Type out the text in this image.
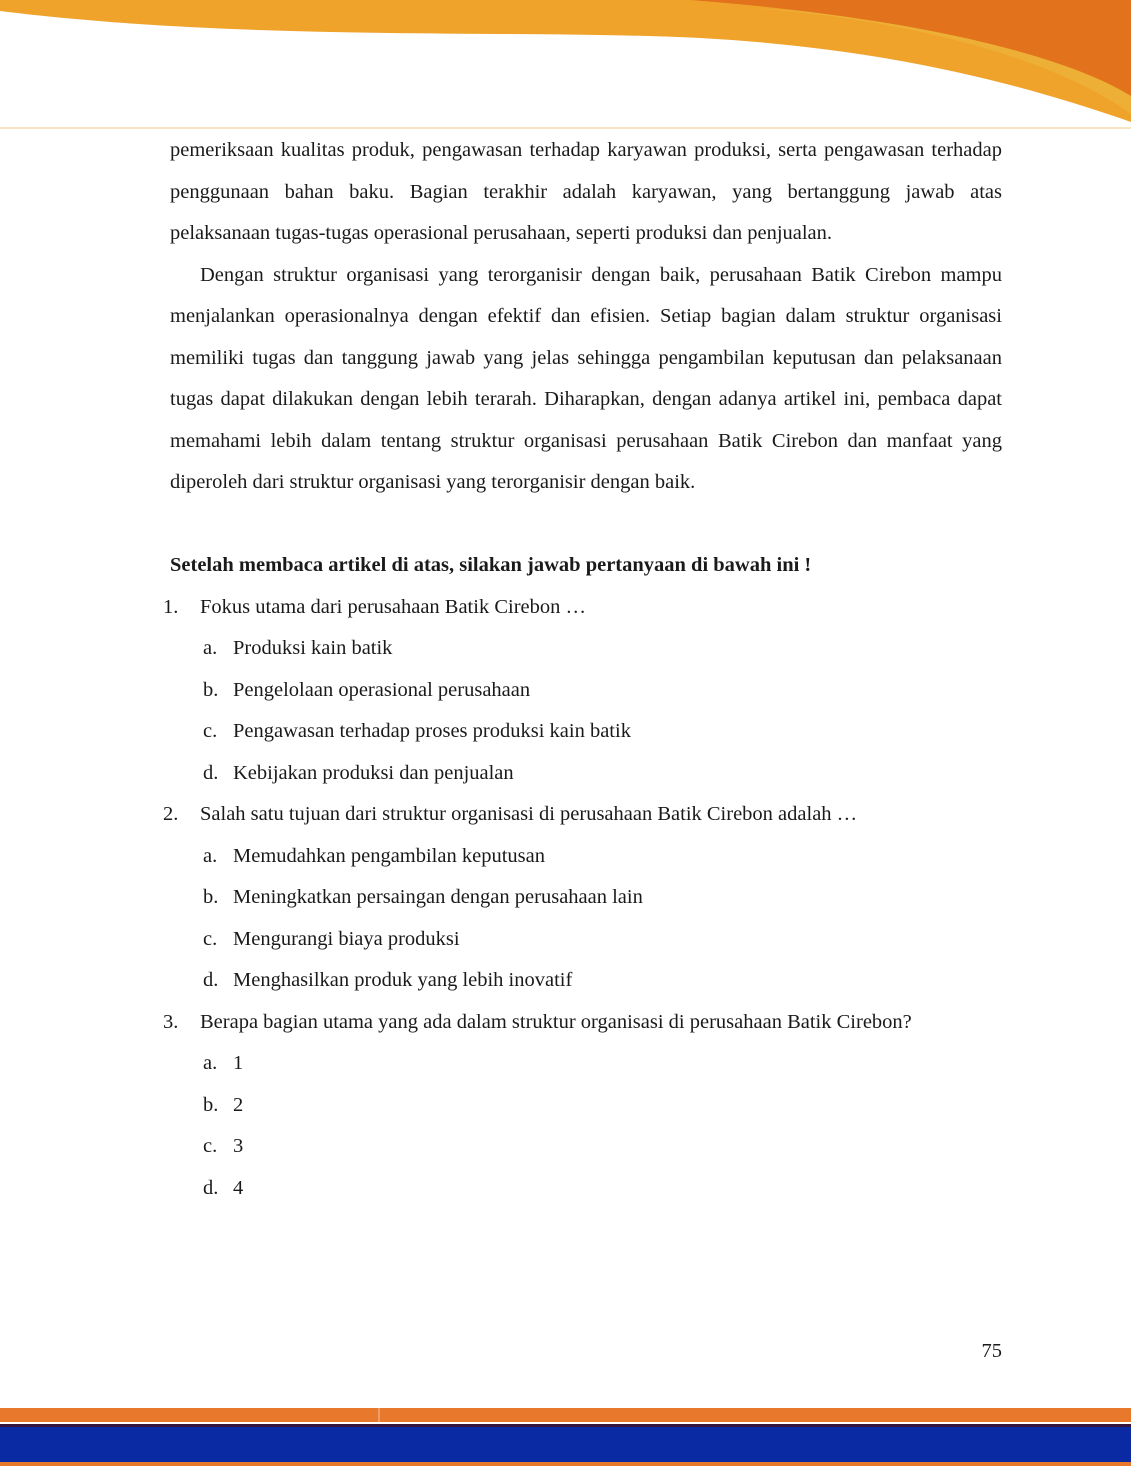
pemeriksaan kualitas produk, pengawasan terhadap karyawan produksi, serta pengawasan terhadap penggunaan bahan baku. Bagian terakhir adalah karyawan, yang bertanggung jawab atas pelaksanaan tugas-tugas operasional perusahaan, seperti produksi dan penjualan.

Dengan struktur organisasi yang terorganisir dengan baik, perusahaan Batik Cirebon mampu menjalankan operasionalnya dengan efektif dan efisien. Setiap bagian dalam struktur organisasi memiliki tugas dan tanggung jawab yang jelas sehingga pengambilan keputusan dan pelaksanaan tugas dapat dilakukan dengan lebih terarah. Diharapkan, dengan adanya artikel ini, pembaca dapat memahami lebih dalam tentang struktur organisasi perusahaan Batik Cirebon dan manfaat yang diperoleh dari struktur organisasi yang terorganisir dengan baik.

Setelah membaca artikel di atas, silakan jawab pertanyaan di bawah ini !

1.	Fokus utama dari perusahaan Batik Cirebon …
a. Produksi kain batik
b. Pengelolaan operasional perusahaan
c. Pengawasan terhadap proses produksi kain batik
d. Kebijakan produksi dan penjualan
2.	Salah satu tujuan dari struktur organisasi di perusahaan Batik Cirebon adalah …
a. Memudahkan pengambilan keputusan
b. Meningkatkan persaingan dengan perusahaan lain
c. Mengurangi biaya produksi
d. Menghasilkan produk yang lebih inovatif
3.	Berapa bagian utama yang ada dalam struktur organisasi di perusahaan Batik Cirebon?
a. 1
b. 2
c. 3
d. 4
75
